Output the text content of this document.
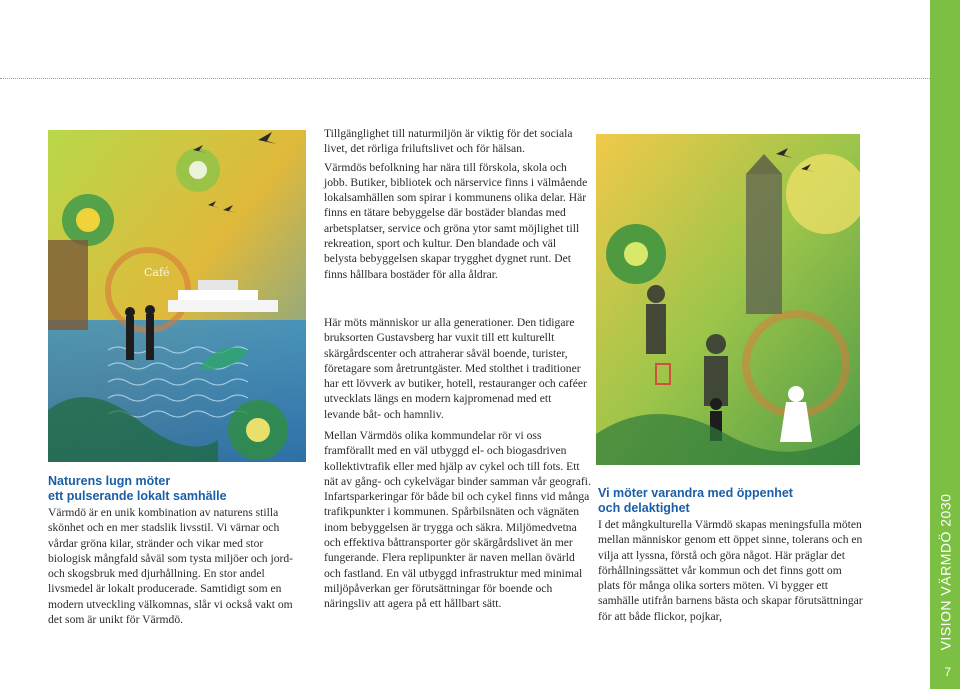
Café

Tillgänglighet till naturmiljön är viktig för det sociala livet, det rörliga friluftslivet och för hälsan.

Värmdös befolkning har nära till förskola, skola och jobb. Butiker, bibliotek och närservice finns i välmående lokalsamhällen som spirar i kommunens olika delar. Här finns en tätare bebyggelse där bostäder blandas med arbetsplatser, service och gröna ytor samt möjlighet till rekreation, sport och kultur. Den blandade och väl belysta bebyggelsen skapar trygghet dygnet runt. Det finns hållbara bostäder för alla åldrar.

Här möts människor ur alla generationer. Den tidigare bruksorten Gustavsberg har vuxit till ett kulturellt skärgårdscenter och attraherar såväl boende, turister, företagare som åretruntgäster. Med stolthet i traditioner har ett lövverk av butiker, hotell, restauranger och caféer utvecklats längs en modern kajpromenad med ett levande båt- och hamnliv.

Mellan Värmdös olika kommundelar rör vi oss framförallt med en väl utbyggd el- och biogasdriven kollektivtrafik eller med hjälp av cykel och till fots. Ett nät av gång- och cykelvägar binder samman vår geografi. Infartsparkeringar för både bil och cykel finns vid många trafikpunkter i kommunen. Spårbilsnäten och vägnäten inom bebyggelsen är trygga och säkra. Miljömedvetna och effektiva båttransporter gör skärgårdslivet än mer fungerande. Flera replipunkter är naven mellan övärld och fastland. En väl utbyggd infrastruktur med minimal miljöpåverkan ger förutsättningar för boende och näringsliv att agera på ett hållbart sätt.

Naturens lugn möter
ett pulserande lokalt samhälle

Värmdö är en unik kombination av naturens stilla skönhet och en mer stadslik livsstil. Vi värnar och vårdar gröna kilar, stränder och vikar med stor biologisk mångfald såväl som tysta miljöer och jord- och skogsbruk med djurhållning. En stor andel livsmedel är lokalt producerade. Samtidigt som en modern utveckling välkomnas, slår vi också vakt om det som är unikt för Värmdö.

Vi möter varandra med öppenhet
och delaktighet

I det mångkulturella Värmdö skapas meningsfulla möten mellan människor genom ett öppet sinne, tolerans och en vilja att lyssna, förstå och göra något. Här präglar det förhållningssättet vår kommun och det finns gott om plats för många olika sorters möten. Vi bygger ett samhälle utifrån barnens bästa och skapar förutsättningar för att både flickor, pojkar,	VISION VÄRMDÖ 2030
7
